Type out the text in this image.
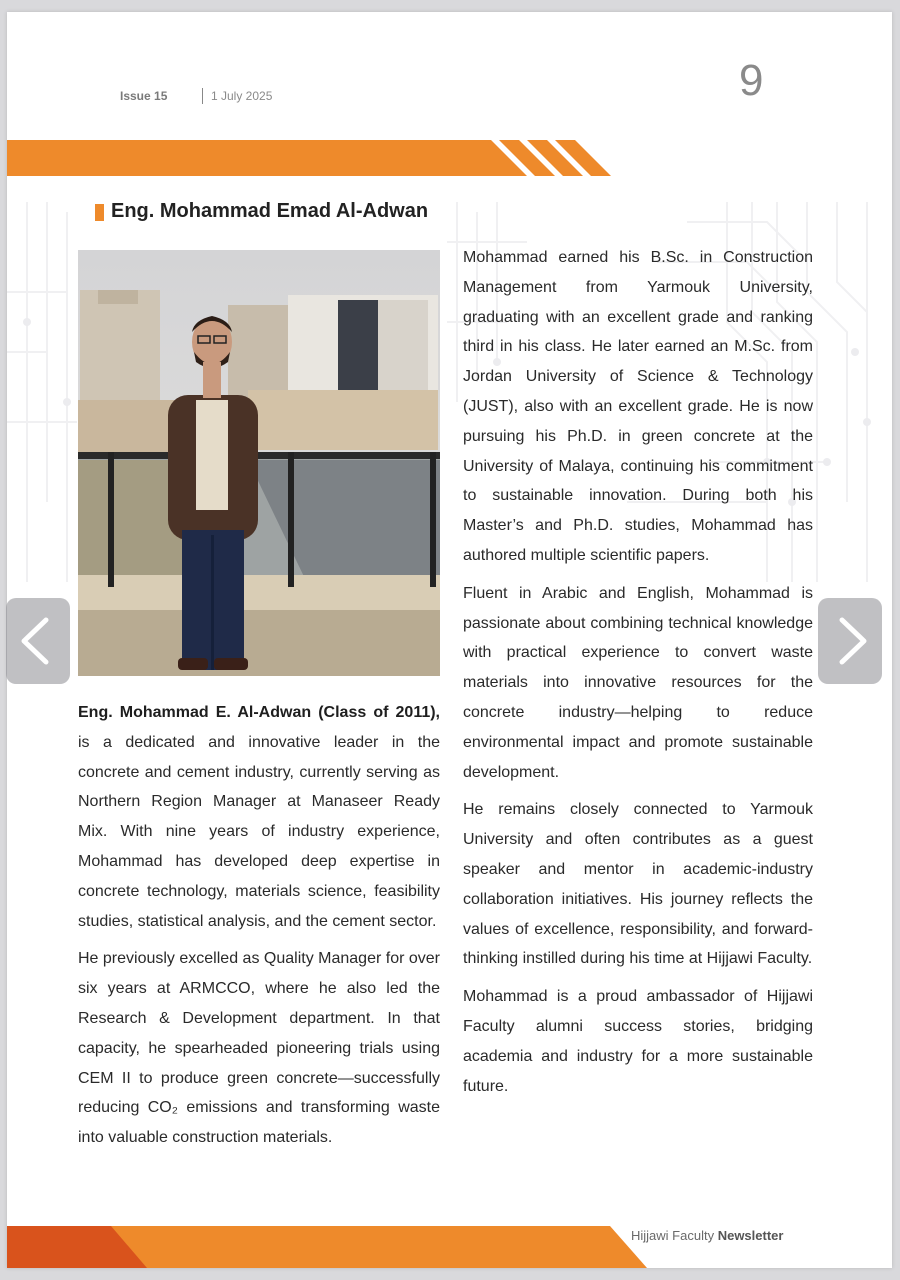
Issue 15	1 July 2025	9
Eng. Mohammad Emad Al-Adwan

Eng. Mohammad E. Al-Adwan (Class of 2011), is a dedicated and innovative leader in the concrete and cement industry, currently serving as Northern Region Manager at Manaseer Ready Mix. With nine years of industry experience, Mohammad has developed deep expertise in concrete technology, materials science, feasibility studies, statistical analysis, and the cement sector.

He previously excelled as Quality Manager for over six years at ARMCCO, where he also led the Research & Development department. In that capacity, he spearheaded pioneering trials using CEM II to produce green concrete—successfully reducing CO₂ emissions and transforming waste into valuable construction materials.

Mohammad earned his B.Sc. in Construction Management from Yarmouk University, graduating with an excellent grade and ranking third in his class. He later earned an M.Sc. from Jordan University of Science & Technology (JUST), also with an excellent grade. He is now pursuing his Ph.D. in green concrete at the University of Malaya, continuing his commitment to sustainable innovation. During both his Master’s and Ph.D. studies, Mohammad has authored multiple scientific papers.

Fluent in Arabic and English, Mohammad is passionate about combining technical knowledge with practical experience to convert waste materials into innovative resources for the concrete industry—helping to reduce environmental impact and promote sustainable development.

He remains closely connected to Yarmouk University and often contributes as a guest speaker and mentor in academic-industry collaboration initiatives. His journey reflects the values of excellence, responsibility, and forward-thinking instilled during his time at Hijjawi Faculty.

Mohammad is a proud ambassador of Hijjawi Faculty alumni success stories, bridging academia and industry for a more sustainable future.

Hijjawi Faculty Newsletter
